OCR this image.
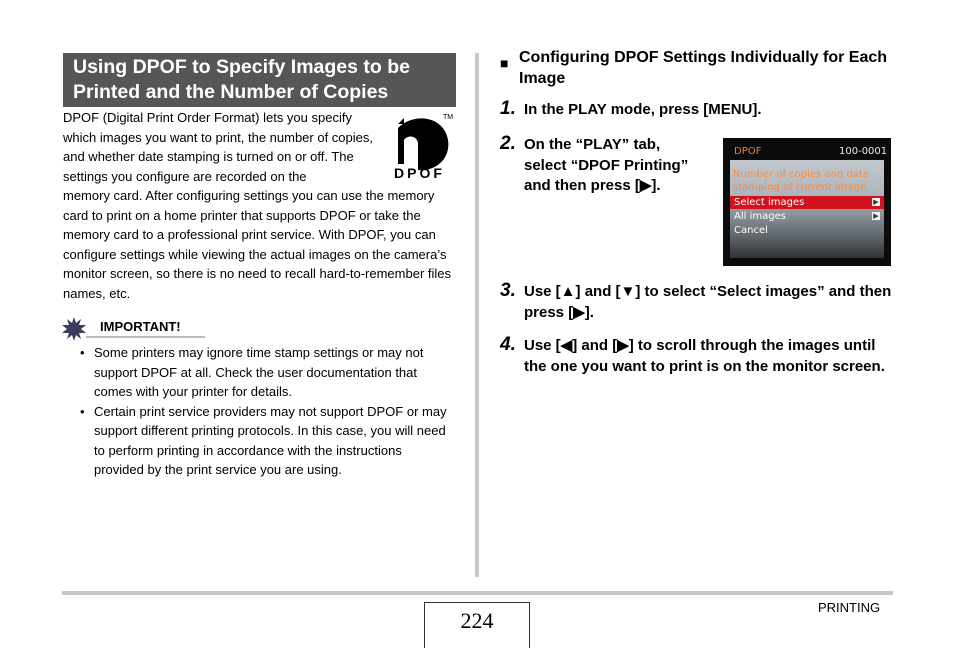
Using DPOF to Specify Images to be Printed and the Number of Copies
DPOF (Digital Print Order Format) lets you specify which images you want to print, the number of copies, and whether date stamping is turned on or off. The settings you configure are recorded on the
TM
DPOF
memory card. After configuring settings you can use the memory card to print on a home printer that supports DPOF or take the memory card to a professional print service. With DPOF, you can configure settings while viewing the actual images on the camera’s monitor screen, so there is no need to recall hard-to-remember files names, etc.
IMPORTANT!
• Some printers may ignore time stamp settings or may not support DPOF at all. Check the user documentation that comes with your printer for details.
• Certain print service providers may not support DPOF or may support different printing protocols. In this case, you will need to perform printing in accordance with the instructions provided by the print service you are using.
■ Configuring DPOF Settings Individually for Each Image
1. In the PLAY mode, press [MENU].
2. On the “PLAY” tab, select “DPOF Printing” and then press [▶].
DPOF	100-0001
Number of copies and date stamping of current image.
Select images	▶
All images	▶
Cancel
3. Use [▲] and [▼] to select “Select images” and then press [▶].
4. Use [◀] and [▶] to scroll through the images until the one you want to print is on the monitor screen.
224
PRINTING
